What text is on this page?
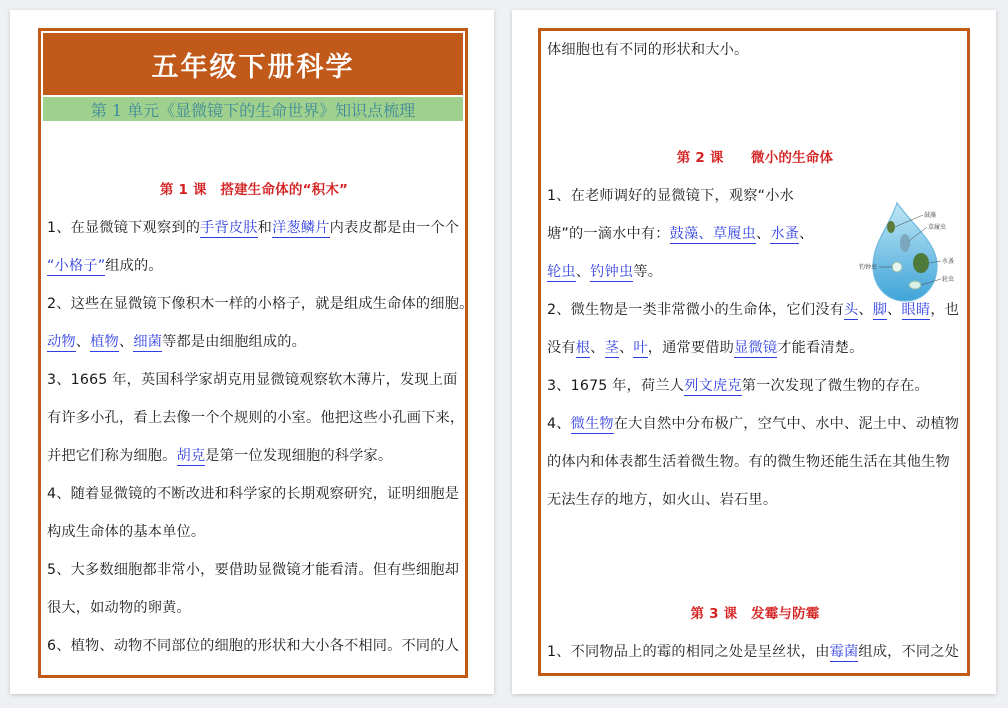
五年级下册科学
第 1 单元《显微镜下的生命世界》知识点梳理
第 1 课　搭建生命体的“积木”
1、在显微镜下观察到的手背皮肤和洋葱鳞片内表皮都是由一个个
“小格子”组成的。
2、这些在显微镜下像积木一样的小格子，就是组成生命体的细胞。
动物、植物、细菌等都是由细胞组成的。
3、1665 年，英国科学家胡克用显微镜观察软木薄片，发现上面
有许多小孔，看上去像一个个规则的小室。他把这些小孔画下来，
并把它们称为细胞。胡克是第一位发现细胞的科学家。
4、随着显微镜的不断改进和科学家的长期观察研究，证明细胞是
构成生命体的基本单位。
5、大多数细胞都非常小，要借助显微镜才能看清。但有些细胞却
很大，如动物的卵黄。
6、植物、动物不同部位的细胞的形状和大小各不相同。不同的人
体细胞也有不同的形状和大小。
第 2 课　　微小的生命体
1、在老师调好的显微镜下，观察“小水
塘”的一滴水中有：鼓藻、草履虫、水蚤、
轮虫、钓钟虫等。
2、微生物是一类非常微小的生命体，它们没有头、脚、眼睛，也
没有根、茎、叶，通常要借助显微镜才能看清楚。
3、1675 年，荷兰人列文虎克第一次发现了微生物的存在。
4、微生物在大自然中分布极广，空气中、水中、泥土中、动植物
的体内和体表都生活着微生物。有的微生物还能生活在其他生物
无法生存的地方，如火山、岩石里。
第 3 课　发霉与防霉
1、不同物品上的霉的相同之处是呈丝状，由霉菌组成，不同之处
鼓藻
草履虫
水蚤
钓钟虫
轮虫
